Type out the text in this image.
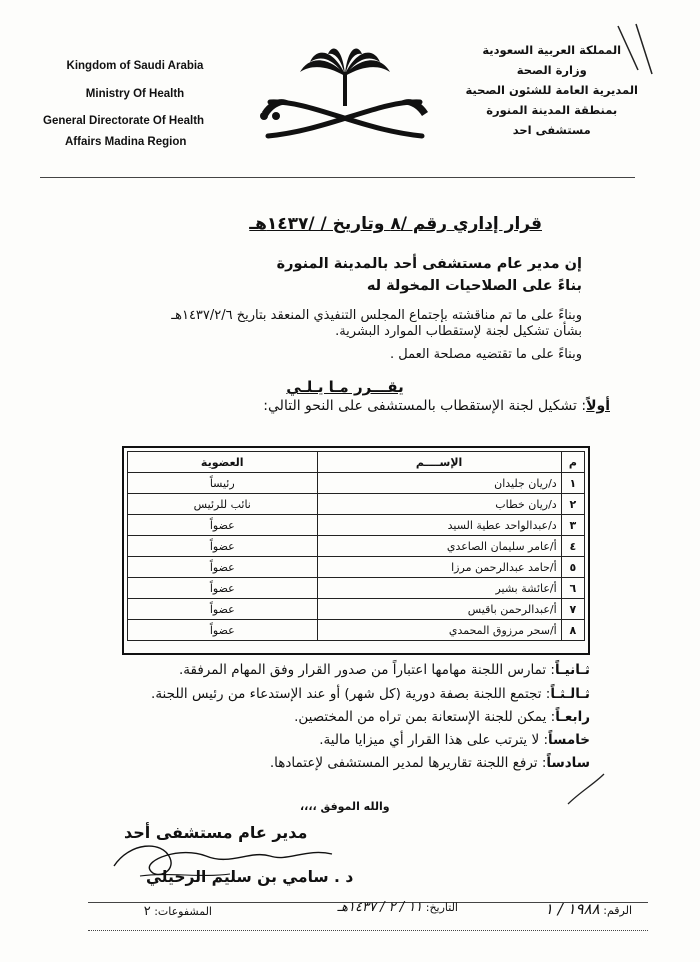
Kingdom of Saudi Arabia
Ministry Of Health
General Directorate Of Health
Affairs Madina Region
المملكة العربية السعودية
وزارة الصحة
المديرية العامة للشئون الصحية
بمنطقة المدينة المنورة
مستشفى احد
قرار إداري رقم /٨ وتاريخ / /١٤٣٧هـ
إن مدير عام مستشفى أحد بالمدينة المنورة
بناءً على الصلاحيات المخولة له
وبناءً على ما تم مناقشته بإجتماع المجلس التنفيذي المنعقد بتاريخ ١٤٣٧/٢/٦هـ
بشأن تشكيل لجنة لإستقطاب الموارد البشرية.
وبناءً على ما تقتضيه مصلحة العمل .
يقـــرر مـا يـلـي
أولاً: تشكيل لجنة الإستقطاب بالمستشفى على النحو التالي:
م	الإســــم	العضوية
١	د/ريان جليدان	رئيساً
٢	د/ريان خطاب	نائب للرئيس
٣	د/عبدالواحد عطية السيد	عضواً
٤	أ/عامر سليمان الصاعدي	عضواً
٥	أ/حامد عبدالرحمن مرزا	عضواً
٦	أ/عائشة بشير	عضواً
٧	أ/عبدالرحمن باقيس	عضواً
٨	أ/سحر مرزوق المحمدي	عضواً
ثـانيـاً: تمارس اللجنة مهامها اعتباراً من صدور القرار وفق المهام المرفقة.
ثـالـثـاً: تجتمع اللجنة بصفة دورية (كل شهر) أو عند الإستدعاء من رئيس اللجنة.
رابعـاً: يمكن للجنة الإستعانة بمن تراه من المختصين.
خامساً: لا يترتب على هذا القرار أي ميزايا مالية.
سادساً: ترفع اللجنة تقاريرها لمدير المستشفى لإعتمادها.
والله الموفق ،،،،
مدير عام مستشفى أحد
د . سامي بن سليم الرحيلي
الرقم: ١٩٨٨ / ١
التاريخ: ١١ / ٢ / ١٤٣٧هـ
المشفوعات: ٢
